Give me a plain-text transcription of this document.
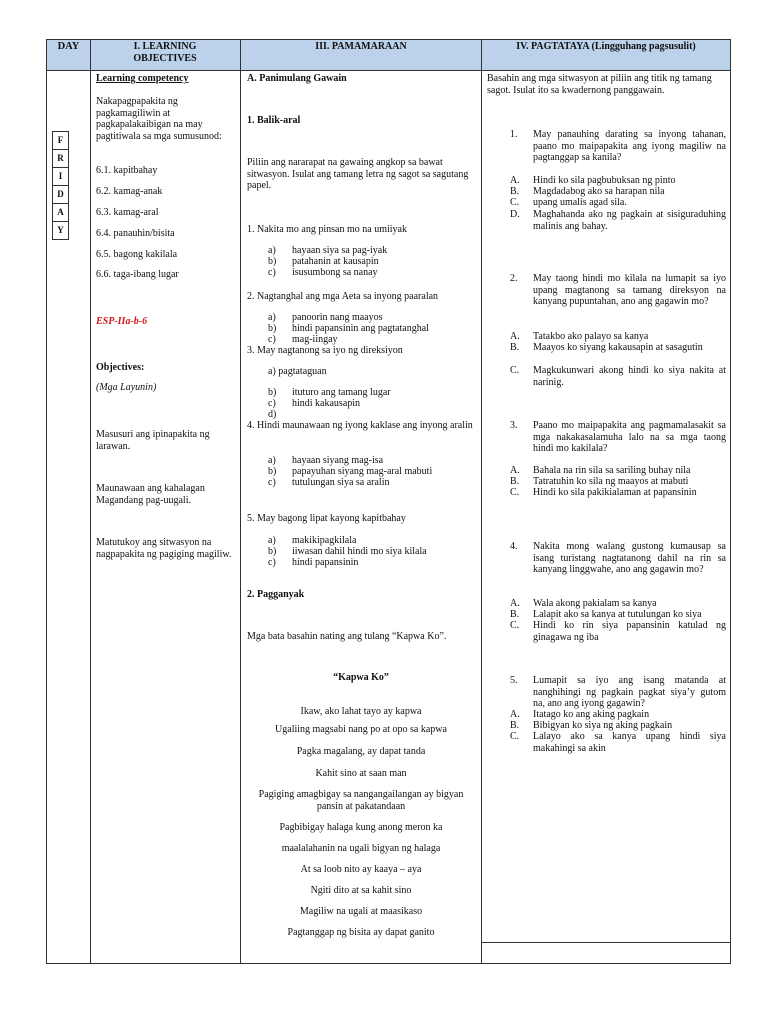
DAY	I. LEARNING OBJECTIVES
III. PAMAMARAAN	IV. PAGTATAYA (Lingguhang pagsusulit)
F
R
I
D
A
Y
Learning competency
Nakapagpapakita ng pagkamagiliwin at pagkapalakaibigan na may pagtitiwala sa mga sumusunod:
6.1. kapitbahay
6.2. kamag-anak
6.3. kamag-aral
6.4. panauhin/bisita
6.5. bagong kakilala
6.6. taga-ibang lugar
ESP-IIa-b-6
Objectives:
(Mga Layunin)
Masusuri ang ipinapakita ng larawan.
Maunawaan ang kahalagan Magandang pag-uugali.
Matutukoy ang sitwasyon na nagpapakita ng pagiging magiliw.
A. Panimulang Gawain
1. Balik-aral
Piliin ang nararapat na gawaing angkop sa bawat sitwasyon. Isulat ang tamang letra ng sagot sa sagutang papel.
1. Nakita mo ang pinsan mo na umiiyak
a) hayaan siya sa pag-iyak
b) patahanin at kausapin
c) isusumbong sa nanay
2. Nagtanghal ang mga Aeta sa inyong paaralan
a) panoorin nang maayos
b) hindi papansinin ang pagtatanghal
c) mag-iingay
3. May nagtanong sa iyo ng direksiyon
a) pagtataguan
b) ituturo ang tamang lugar
c) hindi kakausapin
d)
4. Hindi maunawaan ng iyong kaklase ang inyong aralin
a) hayaan siyang mag-isa
b) papayuhan siyang mag-aral mabuti
c) tutulungan siya sa aralin
5. May bagong lipat kayong kapitbahay
a) makikipagkilala
b) iiwasan dahil hindi mo siya kilala
c) hindi papansinin
2. Pagganyak
Mga bata basahin nating ang tulang “Kapwa Ko”.
“Kapwa Ko”
Ikaw, ako lahat tayo ay kapwa
Ugaliing magsabi nang po at opo sa kapwa
Pagka magalang, ay dapat tanda
Kahit sino at saan man
Pagiging amagbigay sa nangangailangan ay bigyan pansin at pakatandaan
Pagbibigay halaga kung anong meron ka
maalalahanin na ugali bigyan ng halaga
At sa loob nito ay kaaya – aya
Ngiti dito at sa kahit sino
Magiliw na ugali at maasikaso
Pagtanggap ng bisita ay dapat ganito
Basahin ang mga sitwasyon at piliin ang titik ng tamang sagot. Isulat ito sa kwadernong panggawain.
1. May panauhing darating sa inyong tahanan, paano mo maipapakita ang iyong magiliw na pagtanggap sa kanila?
A. Hindi ko sila pagbubuksan ng pinto
B. Magdadabog ako sa harapan nila
C. upang umalis agad sila.
D. Maghahanda ako ng pagkain at sisiguraduhing malinis ang bahay.
2. May taong hindi mo kilala na lumapit sa iyo upang magtanong sa tamang direksyon na kanyang pupuntahan, ano ang gagawin mo?
A. Tatakbo ako palayo sa kanya
B. Maayos ko siyang kakausapin at sasagutin
C. Magkukunwari akong hindi ko siya nakita at narinig.
3. Paano mo maipapakita ang pagmamalasakit sa mga nakakasalamuha lalo na sa mga taong hindi mo kakilala?
A. Bahala na rin sila sa sariling buhay nila
B. Tatratuhin ko sila ng maayos at mabuti
C. Hindi ko sila pakikialaman at papansinin
4. Nakita mong walang gustong kumausap sa isang turistang nagtatanong dahil na rin sa kanyang linggwahe, ano ang gagawin mo?
A. Wala akong pakialam sa kanya
B. Lalapit ako sa kanya at tutulungan ko siya
C. Hindi ko rin siya papansinin katulad ng ginagawa ng iba
5. Lumapit sa iyo ang isang matanda at nanghihingi ng pagkain pagkat siya’y gutom na, ano ang iyong gagawin?
A. Itatago ko ang aking pagkain
B. Bibigyan ko siya ng aking pagkain
C. Lalayo ako sa kanya upang hindi siya makahingi sa akin
